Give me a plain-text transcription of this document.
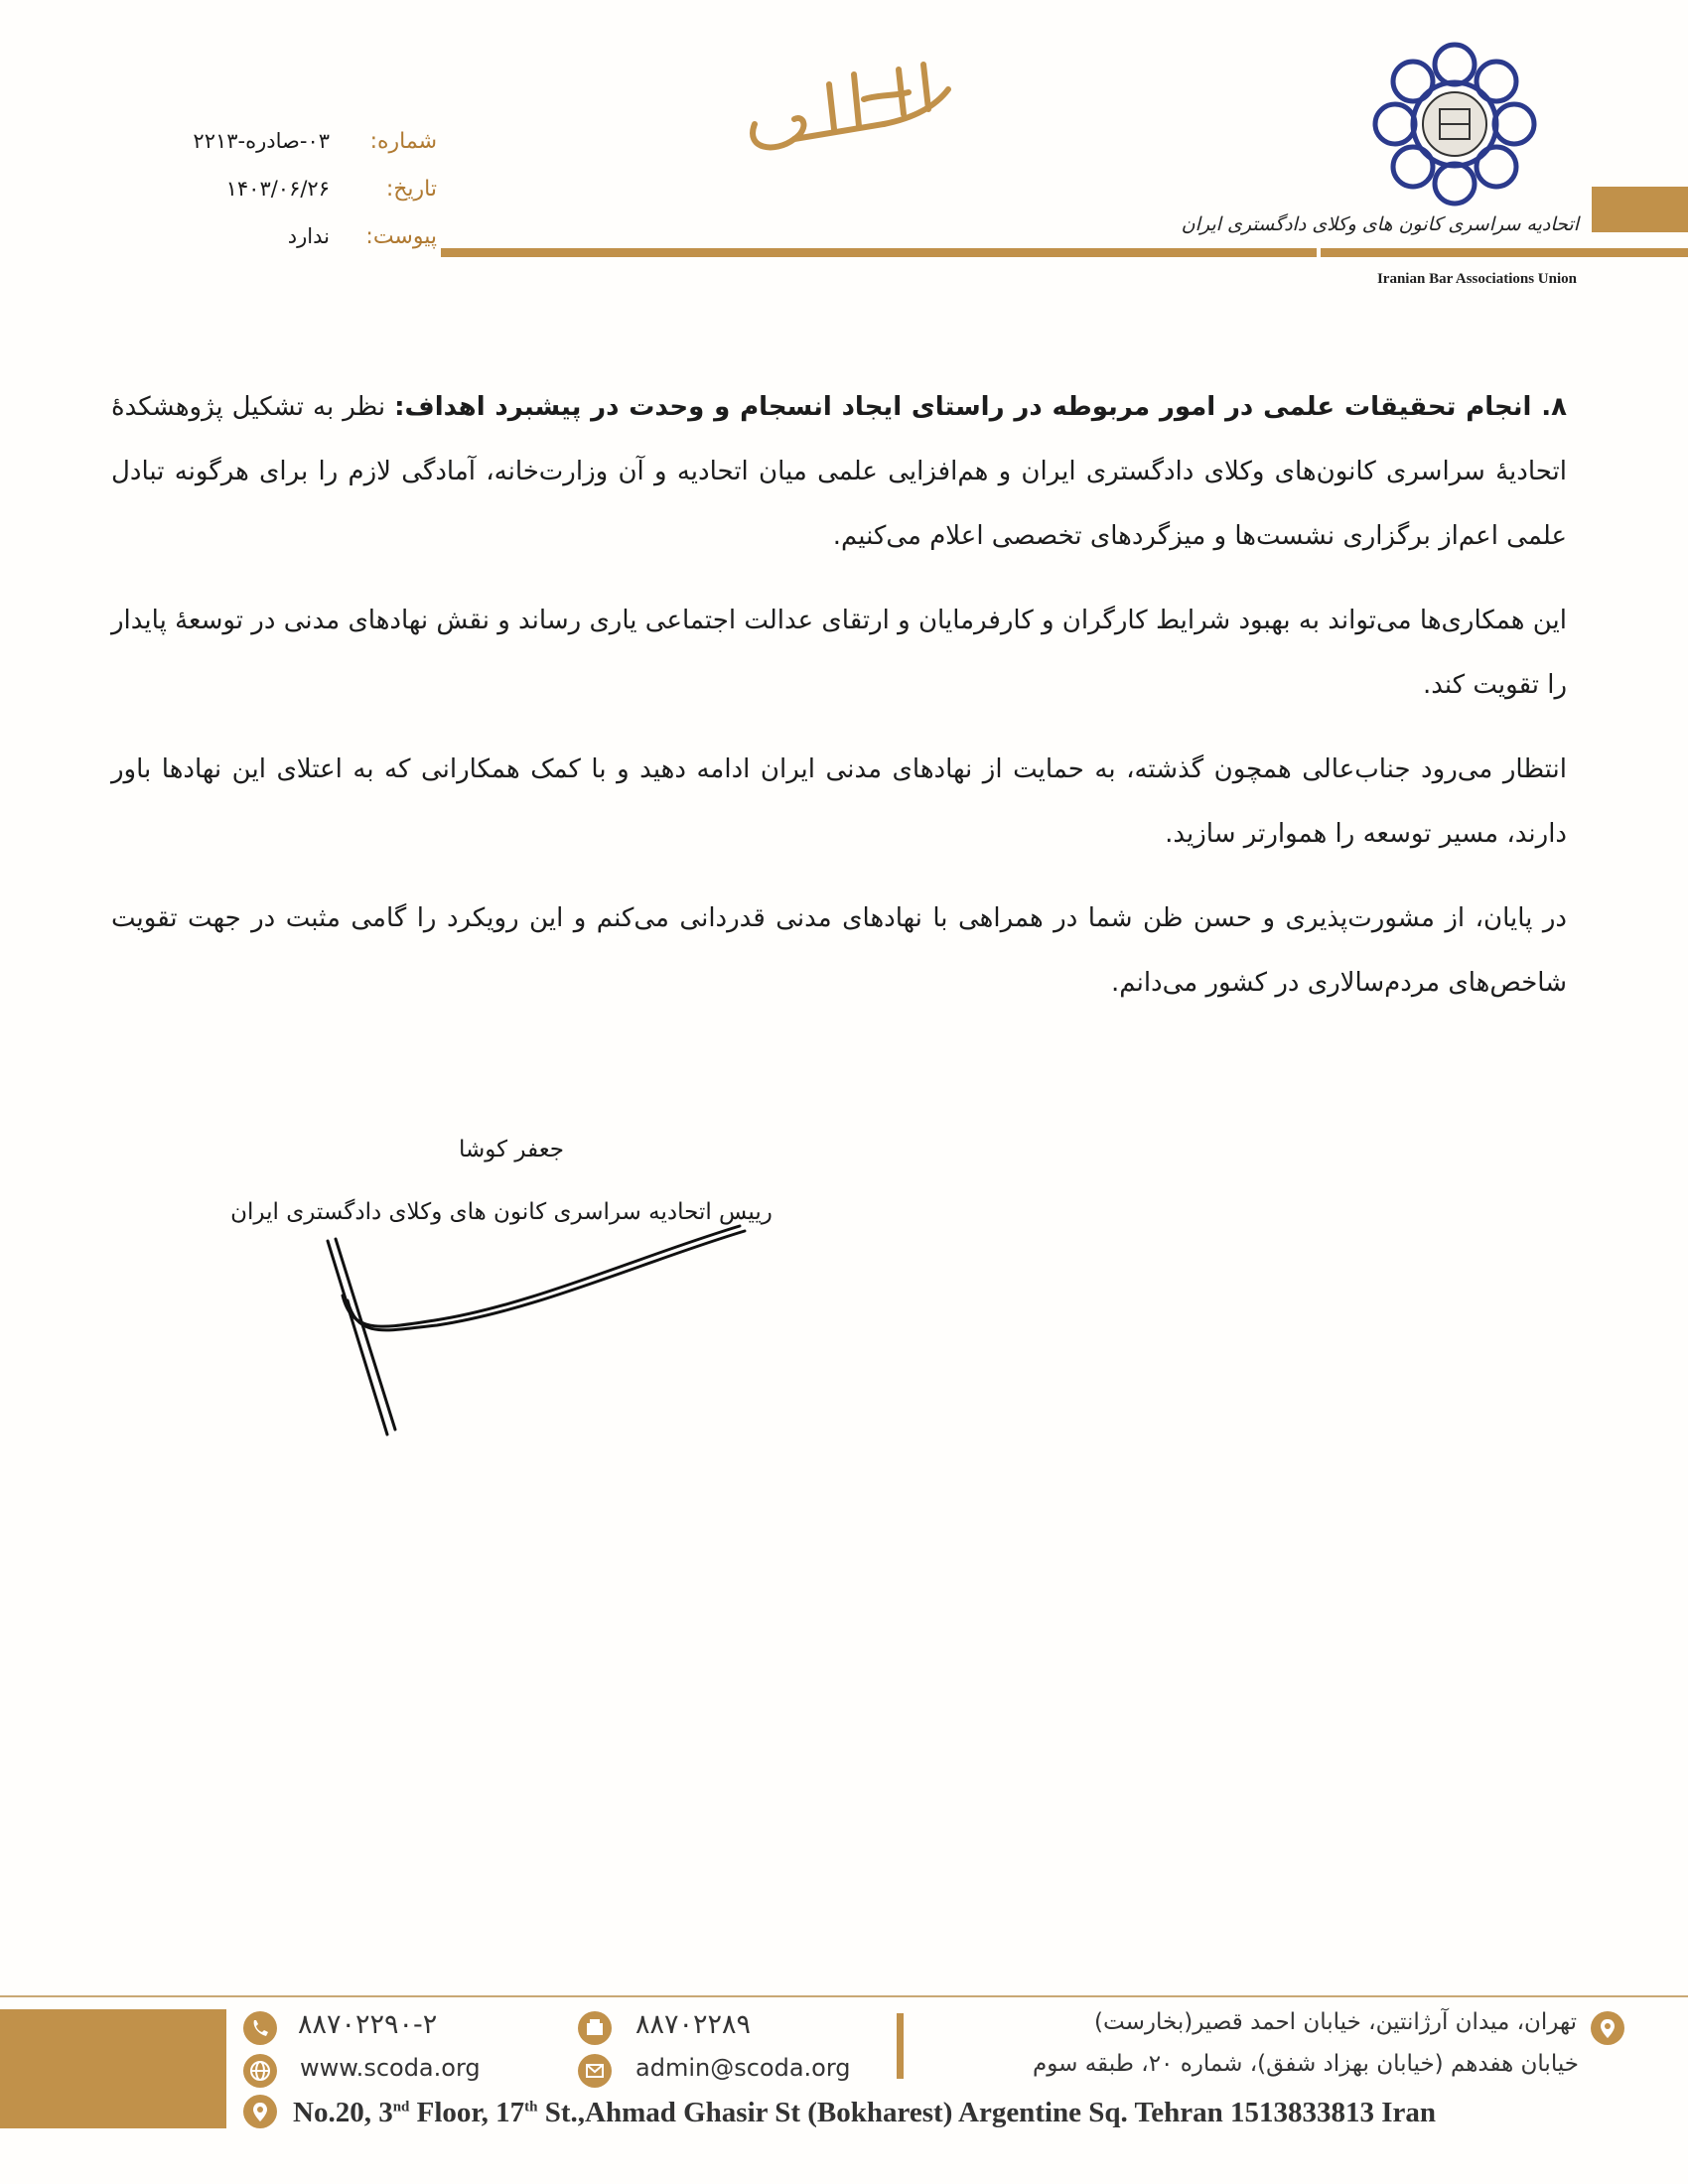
اتحادیه سراسری کانون های وکلای دادگستری ایران
Iranian Bar Associations Union
شماره:
۰۳-صادره-۲۲۱۳
تاریخ:
۱۴۰۳/۰۶/۲۶
پیوست:
ندارد

۸. انجام تحقیقات علمی در امور مربوطه در راستای ایجاد انسجام و وحدت در پیشبرد اهداف: نظر به تشکیل پژوهشکدهٔ اتحادیهٔ سراسری کانون‌های وکلای دادگستری ایران و هم‌افزایی علمی میان اتحادیه و آن وزارت‌خانه، آمادگی لازم را برای هرگونه تبادل علمی اعم‌از برگزاری نشست‌ها و میزگردهای تخصصی اعلام می‌کنیم.

این همکاری‌ها می‌تواند به بهبود شرایط کارگران و کارفرمایان و ارتقای عدالت اجتماعی یاری رساند و نقش نهادهای مدنی در توسعهٔ پایدار را تقویت کند.

انتظار می‌رود جناب‌عالی همچون گذشته، به حمایت از نهادهای مدنی ایران ادامه دهید و با کمک همکارانی که به اعتلای این نهادها باور دارند، مسیر توسعه را هموارتر سازید.

در پایان، از مشورت‌پذیری و حسن ظن شما در همراهی با نهادهای مدنی قدردانی می‌کنم و این رویکرد را گامی مثبت در جهت تقویت شاخص‌های مردم‌سالاری در کشور می‌دانم.

جعفر کوشا
رییس اتحادیه سراسری کانون های وکلای دادگستری ایران
۸۸۷۰۲۲۹۰-۲	۸۸۷۰۲۲۸۹
www.scoda.org	admin@scoda.org
تهران، میدان آرژانتین، خیابان احمد قصیر(بخارست)
خیابان هفدهم (خیابان بهزاد شفق)، شماره ۲۰، طبقه سوم
No.20, 3nd Floor, 17th St.,Ahmad Ghasir St (Bokharest) Argentine Sq. Tehran 1513833813 Iran
